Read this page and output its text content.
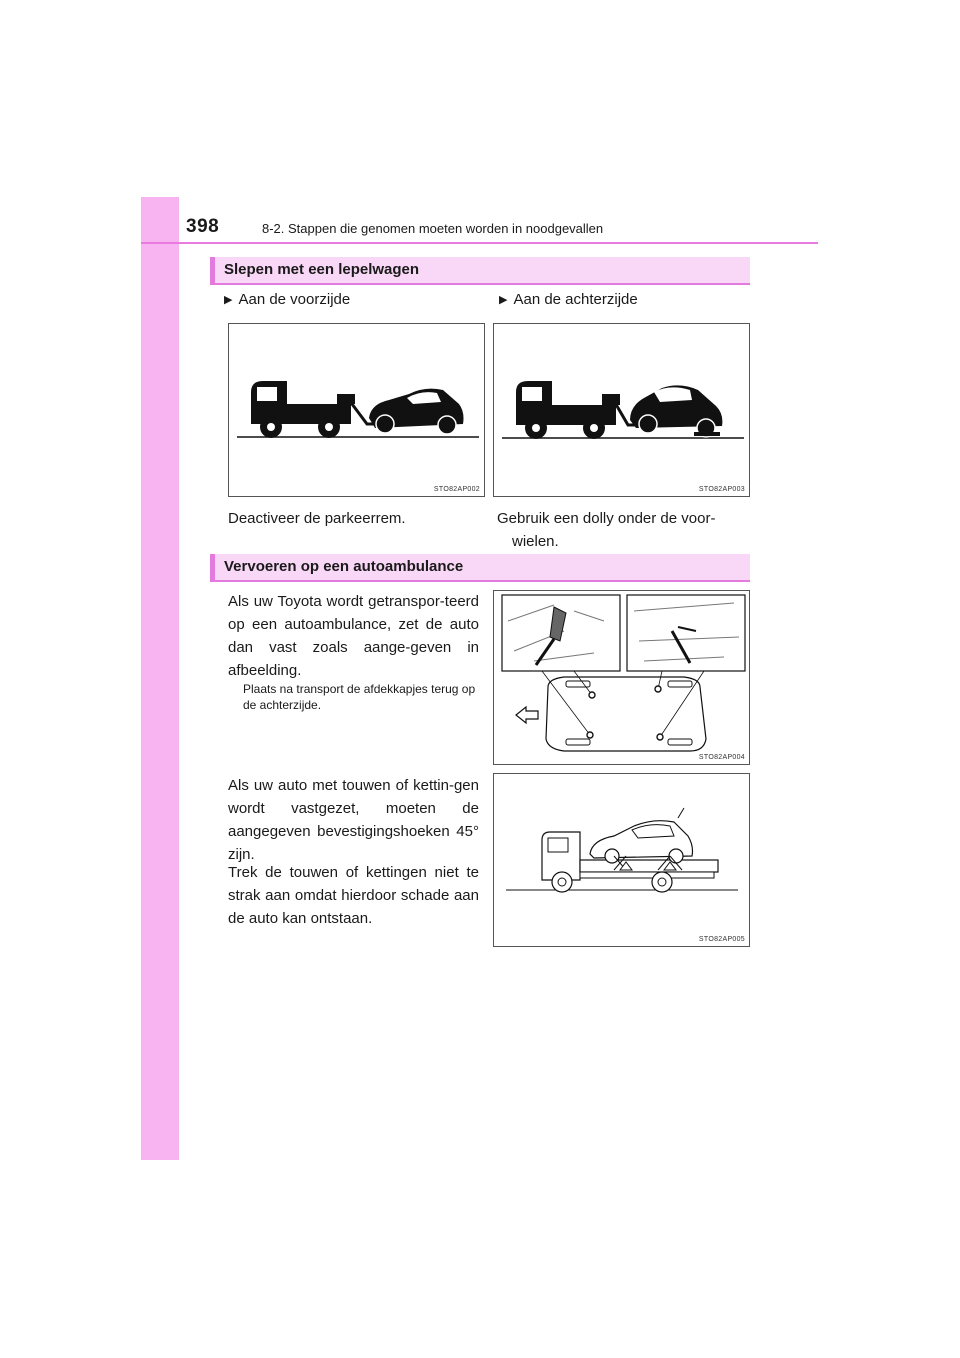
398	8-2. Stappen die genomen moeten worden in noodgevallen
Slepen met een lepelwagen
▶ Aan de voorzijde	▶ Aan de achterzijde
STO82AP002	STO82AP003
Deactiveer de parkeerrem.	Gebruik een dolly onder de voor-
wielen.
Vervoeren op een autoambulance
Als uw Toyota wordt getranspor-teerd op een autoambulance, zet de auto dan vast zoals aange-geven in afbeelding.
Plaats na transport de afdekkapjes terug op de achterzijde.
STO82AP004
Als uw auto met touwen of kettin-gen wordt vastgezet, moeten de aangegeven bevestigingshoeken 45° zijn.
Trek de touwen of kettingen niet te strak aan omdat hierdoor schade aan de auto kan ontstaan.
STO82AP005
